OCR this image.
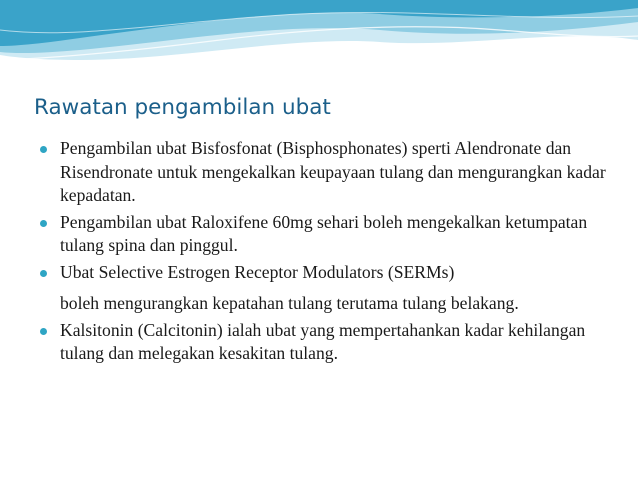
Rawatan pengambilan ubat
Pengambilan ubat Bisfosfonat (Bisphosphonates) sperti Alendronate dan Risendronate untuk mengekalkan keupayaan tulang dan mengurangkan kadar kepadatan.
Pengambilan ubat Raloxifene 60mg sehari boleh mengekalkan ketumpatan tulang spina dan pinggul.
Ubat Selective Estrogen Receptor Modulators (SERMs)
boleh mengurangkan kepatahan tulang terutama tulang belakang.
Kalsitonin (Calcitonin) ialah ubat yang mempertahankan kadar kehilangan tulang dan melegakan kesakitan tulang.
